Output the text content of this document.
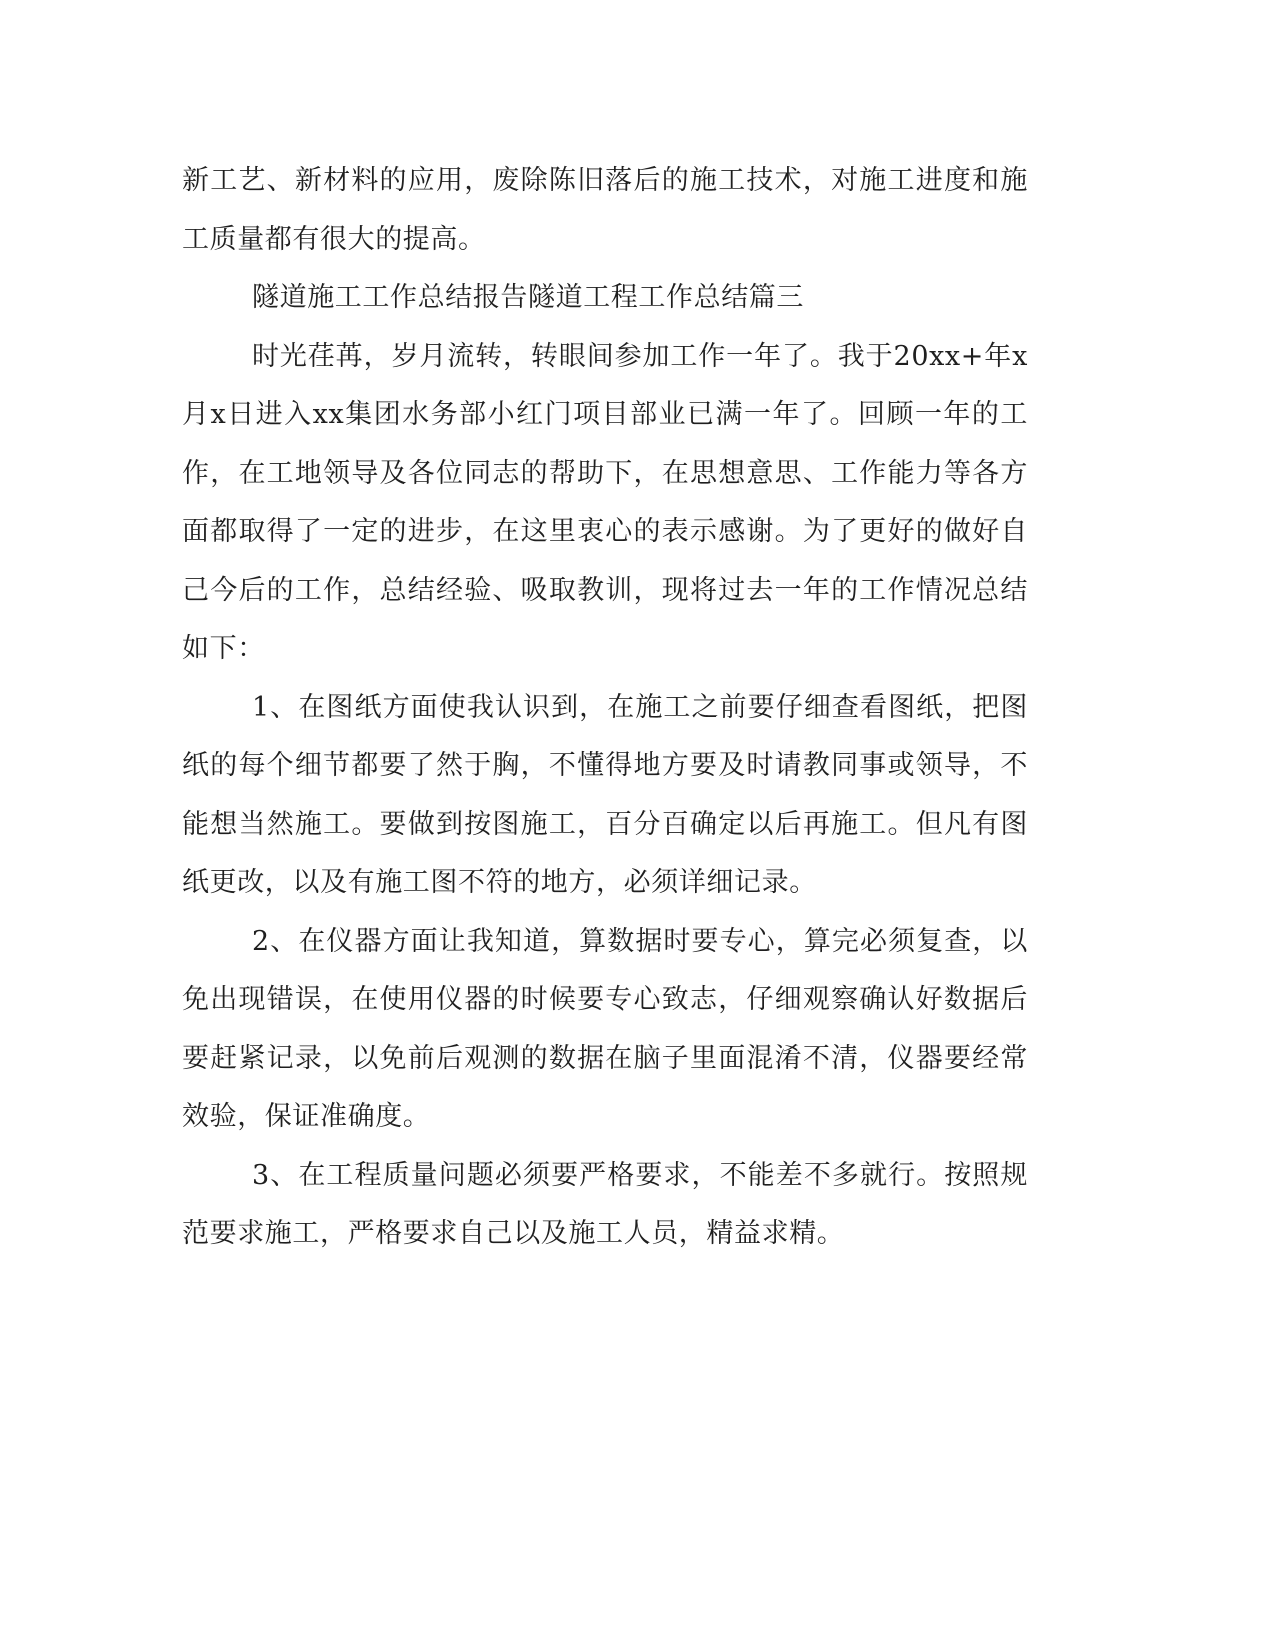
新工艺、新材料的应用，废除陈旧落后的施工技术，对施工进度和施工质量都有很大的提高。

隧道施工工作总结报告隧道工程工作总结篇三

时光荏苒，岁月流转，转眼间参加工作一年了。我于20xx+年x月x日进入xx集团水务部小红门项目部业已满一年了。回顾一年的工作，在工地领导及各位同志的帮助下，在思想意思、工作能力等各方面都取得了一定的进步，在这里衷心的表示感谢。为了更好的做好自己今后的工作，总结经验、吸取教训，现将过去一年的工作情况总结如下：

1、在图纸方面使我认识到，在施工之前要仔细查看图纸，把图纸的每个细节都要了然于胸，不懂得地方要及时请教同事或领导，不能想当然施工。要做到按图施工，百分百确定以后再施工。但凡有图纸更改，以及有施工图不符的地方，必须详细记录。

2、在仪器方面让我知道，算数据时要专心，算完必须复查，以免出现错误，在使用仪器的时候要专心致志，仔细观察确认好数据后要赶紧记录，以免前后观测的数据在脑子里面混淆不清，仪器要经常效验，保证准确度。

3、在工程质量问题必须要严格要求，不能差不多就行。按照规范要求施工，严格要求自己以及施工人员，精益求精。
